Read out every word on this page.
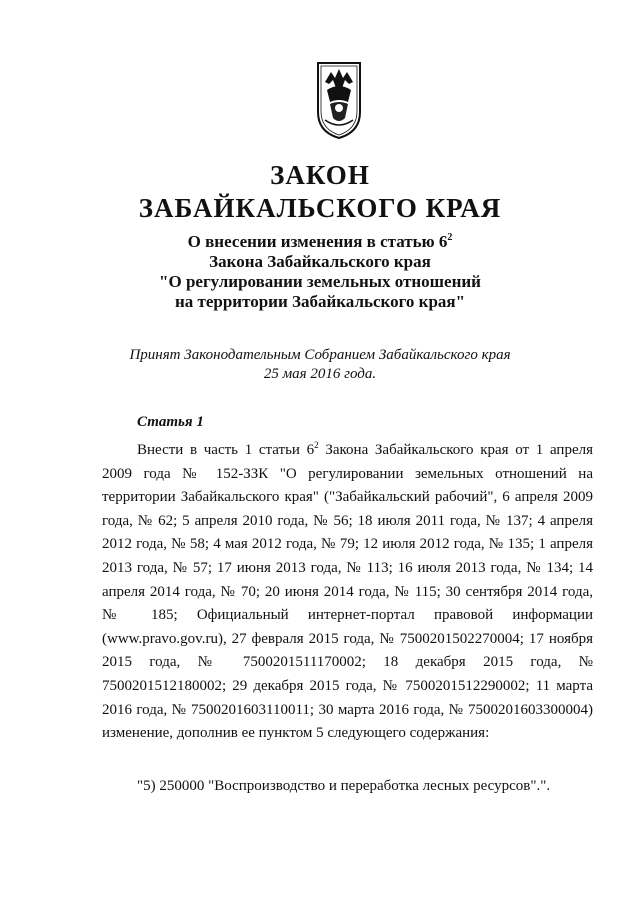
ЗАКОН
ЗАБАЙКАЛЬСКОГО КРАЯ
О внесении изменения в статью $6^2$
Закона Забайкальского края
"О регулировании земельных отношений
на территории Забайкальского края"
Принят Законодательным Собранием Забайкальского края
25 мая 2016 года.
Статья 1
Внести в часть 1 статьи $6^2$ Закона Забайкальского края от 1 апреля 2009 года № 152-ЗЗК "О регулировании земельных отношений на территории Забайкальского края" ("Забайкальский рабочий", 6 апреля 2009 года, № 62; 5 апреля 2010 года, № 56; 18 июля 2011 года, № 137; 4 апреля 2012 года, № 58; 4 мая 2012 года, № 79; 12 июля 2012 года, № 135; 1 апреля 2013 года, № 57; 17 июня 2013 года, № 113; 16 июля 2013 года, № 134; 14 апреля 2014 года, № 70; 20 июня 2014 года, № 115; 30 сентября 2014 года, № 185; Официальный интернет-портал правовой информации (www.pravo.gov.ru), 27 февраля 2015 года, № 7500201502270004; 17 ноября 2015 года, № 7500201511170002; 18 декабря 2015 года, № 7500201512180002; 29 декабря 2015 года, № 7500201512290002; 11 марта 2016 года, № 7500201603110011; 30 марта 2016 года, № 7500201603300004) изменение, дополнив ее пунктом 5 следующего содержания:
"5) 250000 "Воспроизводство и переработка лесных ресурсов".".
